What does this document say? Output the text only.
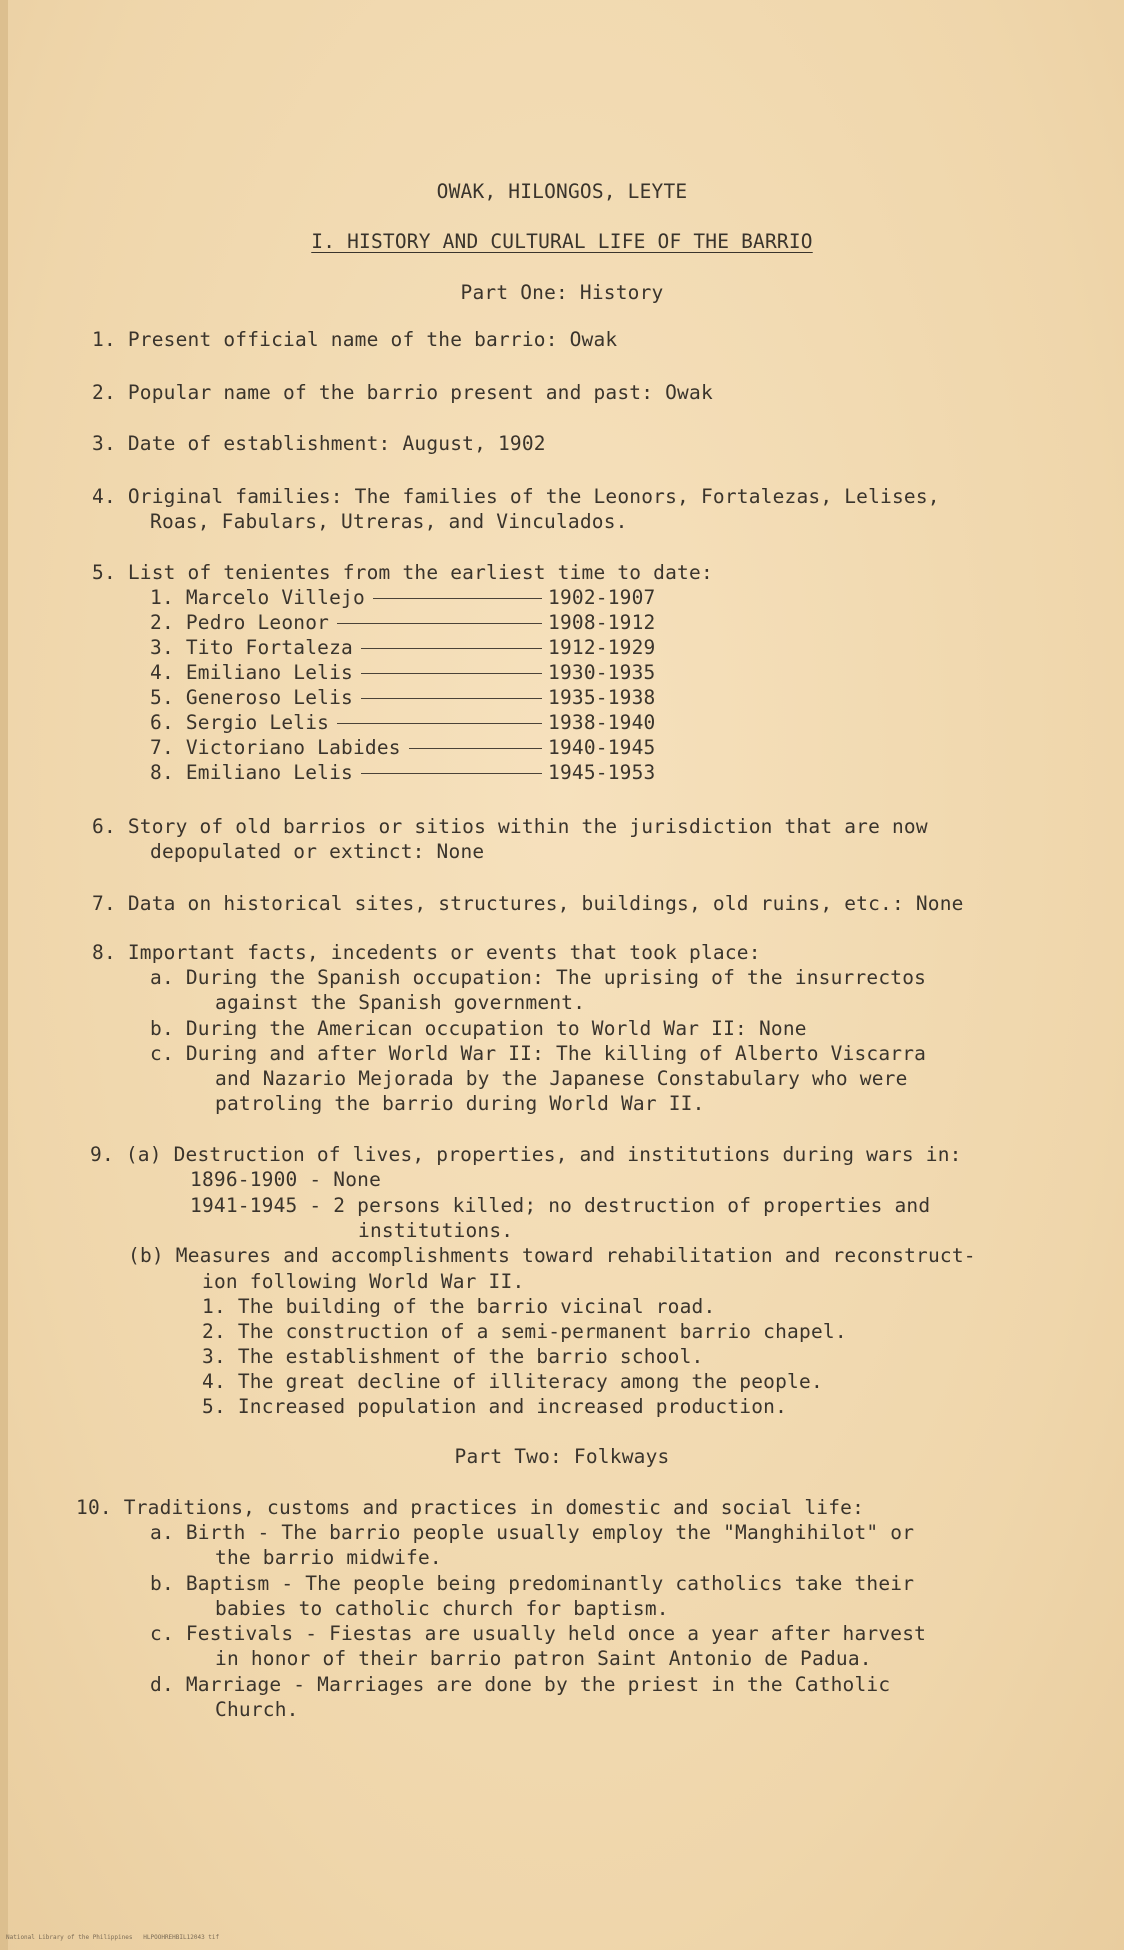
OWAK, HILONGOS, LEYTE
I. HISTORY AND CULTURAL LIFE OF THE BARRIO
Part One: History
1. Present official name of the barrio: Owak
2. Popular name of the barrio present and past: Owak
3. Date of establishment: August, 1902
4. Original families: The families of the Leonors, Fortalezas, Lelises,
Roas, Fabulars, Utreras, and Vinculados.
5. List of tenientes from the earliest time to date:
1. Marcelo Villejo	1902-1907
2. Pedro Leonor	1908-1912
3. Tito Fortaleza	1912-1929
4. Emiliano Lelis	1930-1935
5. Generoso Lelis	1935-1938
6. Sergio Lelis	1938-1940
7. Victoriano Labides	1940-1945
8. Emiliano Lelis	1945-1953
6. Story of old barrios or sitios within the jurisdiction that are now
depopulated or extinct: None
7. Data on historical sites, structures, buildings, old ruins, etc.: None
8. Important facts, incedents or events that took place:
a. During the Spanish occupation: The uprising of the insurrectos
against the Spanish government.
b. During the American occupation to World War II: None
c. During and after World War II: The killing of Alberto Viscarra
and Nazario Mejorada by the Japanese Constabulary who were
patroling the barrio during World War II.
9. (a) Destruction of lives, properties, and institutions during wars in:
1896-1900 - None
1941-1945 - 2 persons killed; no destruction of properties and
institutions.
(b) Measures and accomplishments toward rehabilitation and reconstruct-
ion following World War II.
1. The building of the barrio vicinal road.
2. The construction of a semi-permanent barrio chapel.
3. The establishment of the barrio school.
4. The great decline of illiteracy among the people.
5. Increased population and increased production.
Part Two: Folkways
10. Traditions, customs and practices in domestic and social life:
a. Birth - The barrio people usually employ the "Manghihilot" or
the barrio midwife.
b. Baptism - The people being predominantly catholics take their
babies to catholic church for baptism.
c. Festivals - Fiestas are usually held once a year after harvest
in honor of their barrio patron Saint Antonio de Padua.
d. Marriage - Marriages are done by the priest in the Catholic
Church.
National Library of the Philippines   HLPOOHREHBIL12043 tif
